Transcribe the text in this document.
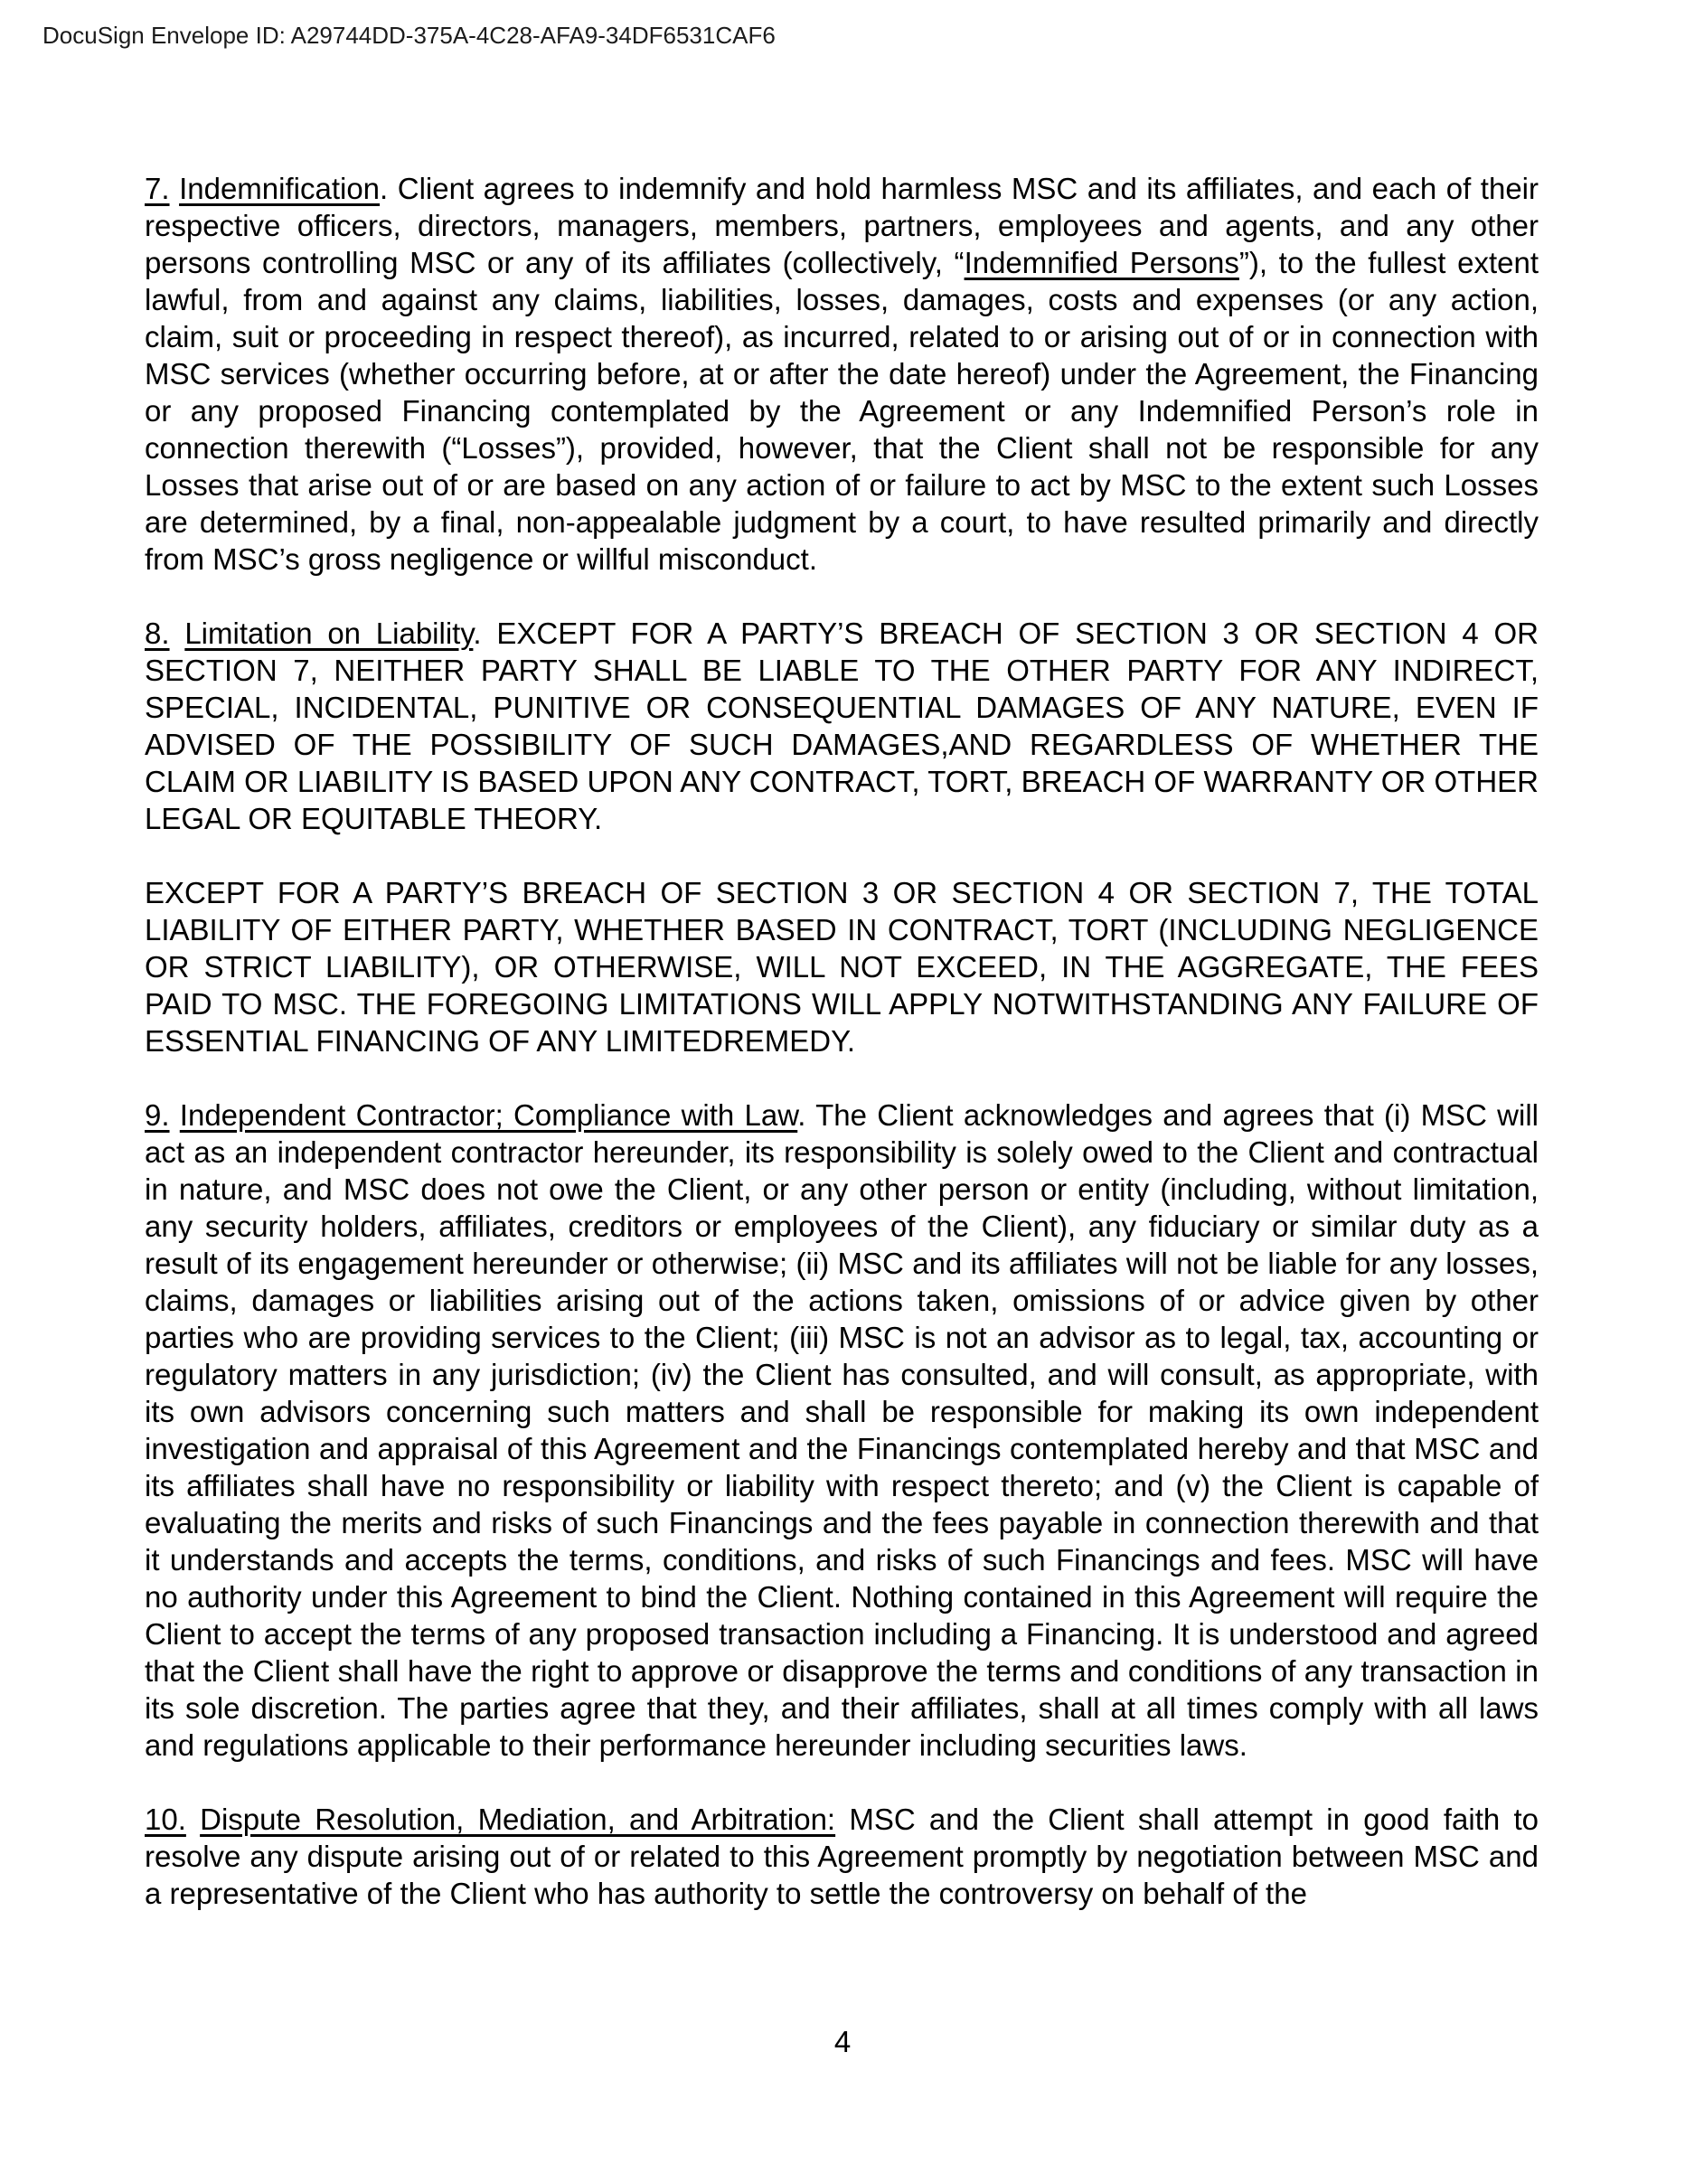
DocuSign Envelope ID: A29744DD-375A-4C28-AFA9-34DF6531CAF6

7. Indemnification. Client agrees to indemnify and hold harmless MSC and its affiliates, and each of their respective officers, directors, managers, members, partners, employees and agents, and any other persons controlling MSC or any of its affiliates (collectively, “Indemnified Persons”), to the fullest extent lawful, from and against any claims, liabilities, losses, damages, costs and expenses (or any action, claim, suit or proceeding in respect thereof), as incurred, related to or arising out of or in connection with MSC services (whether occurring before, at or after the date hereof) under the Agreement, the Financing or any proposed Financing contemplated by the Agreement or any Indemnified Person’s role in connection therewith (“Losses”), provided, however, that the Client shall not be responsible for any Losses that arise out of or are based on any action of or failure to act by MSC to the extent such Losses are determined, by a final, non-appealable judgment by a court, to have resulted primarily and directly from MSC’s gross negligence or willful misconduct.

8. Limitation on Liability. EXCEPT FOR A PARTY’S BREACH OF SECTION 3 OR SECTION 4 OR SECTION 7, NEITHER PARTY SHALL BE LIABLE TO THE OTHER PARTY FOR ANY INDIRECT, SPECIAL, INCIDENTAL, PUNITIVE OR CONSEQUENTIAL DAMAGES OF ANY NATURE, EVEN IF ADVISED OF THE POSSIBILITY OF SUCH DAMAGES,AND REGARDLESS OF WHETHER THE CLAIM OR LIABILITY IS BASED UPON ANY CONTRACT, TORT, BREACH OF WARRANTY OR OTHER LEGAL OR EQUITABLE THEORY.

EXCEPT FOR A PARTY’S BREACH OF SECTION 3 OR SECTION 4 OR SECTION 7, THE TOTAL LIABILITY OF EITHER PARTY, WHETHER BASED IN CONTRACT, TORT (INCLUDING NEGLIGENCE OR STRICT LIABILITY), OR OTHERWISE, WILL NOT EXCEED, IN THE AGGREGATE, THE FEES PAID TO MSC. THE FOREGOING LIMITATIONS WILL APPLY NOTWITHSTANDING ANY FAILURE OF ESSENTIAL FINANCING OF ANY LIMITEDREMEDY.

9. Independent Contractor; Compliance with Law. The Client acknowledges and agrees that (i) MSC will act as an independent contractor hereunder, its responsibility is solely owed to the Client and contractual in nature, and MSC does not owe the Client, or any other person or entity (including, without limitation, any security holders, affiliates, creditors or employees of the Client), any fiduciary or similar duty as a result of its engagement hereunder or otherwise; (ii) MSC and its affiliates will not be liable for any losses, claims, damages or liabilities arising out of the actions taken, omissions of or advice given by other parties who are providing services to the Client; (iii) MSC is not an advisor as to legal, tax, accounting or regulatory matters in any jurisdiction; (iv) the Client has consulted, and will consult, as appropriate, with its own advisors concerning such matters and shall be responsible for making its own independent investigation and appraisal of this Agreement and the Financings contemplated hereby and that MSC and its affiliates shall have no responsibility or liability with respect thereto; and (v) the Client is capable of evaluating the merits and risks of such Financings and the fees payable in connection therewith and that it understands and accepts the terms, conditions, and risks of such Financings and fees. MSC will have no authority under this Agreement to bind the Client. Nothing contained in this Agreement will require the Client to accept the terms of any proposed transaction including a Financing. It is understood and agreed that the Client shall have the right to approve or disapprove the terms and conditions of any transaction in its sole discretion. The parties agree that they, and their affiliates, shall at all times comply with all laws and regulations applicable to their performance hereunder including securities laws.

10. Dispute Resolution, Mediation, and Arbitration: MSC and the Client shall attempt in good faith to resolve any dispute arising out of or related to this Agreement promptly by negotiation between MSC and a representative of the Client who has authority to settle the controversy on behalf of the

4
